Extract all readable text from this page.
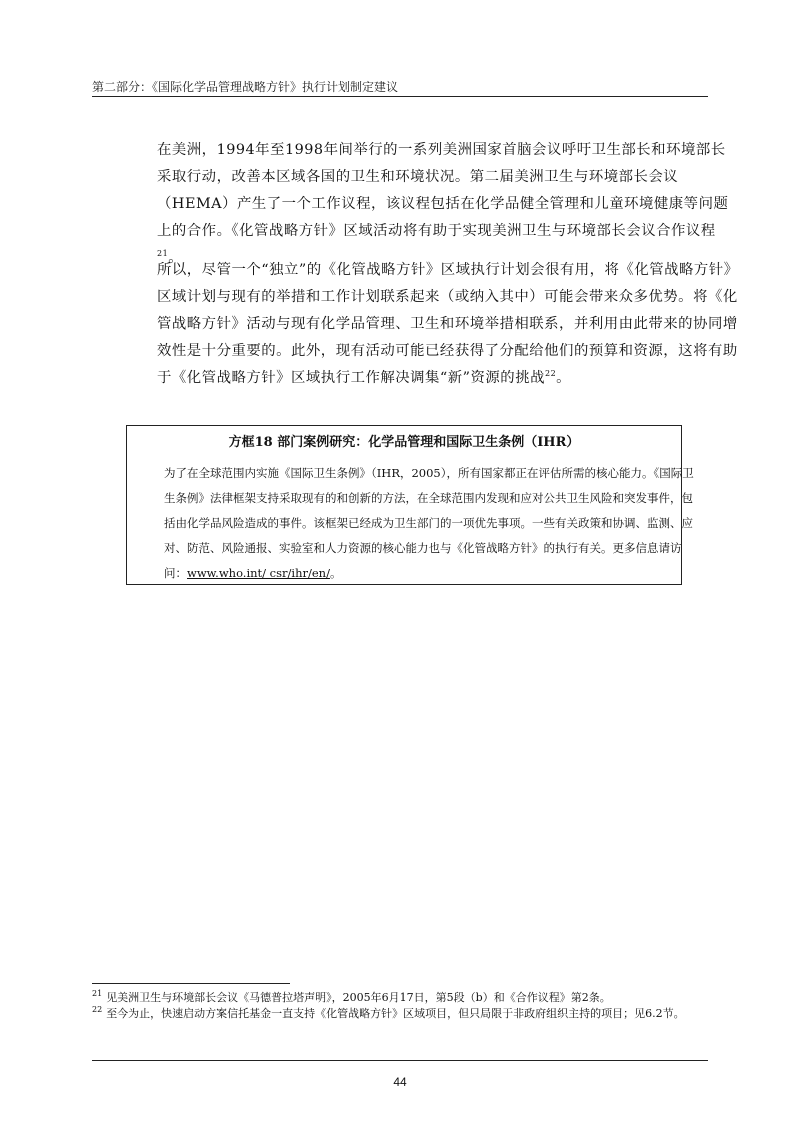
第二部分：《国际化学品管理战略方针》执行计划制定建议

在美洲，1994年至1998年间举行的一系列美洲国家首脑会议呼吁卫生部长和环境部长采取行动，改善本区域各国的卫生和环境状况。第二届美洲卫生与环境部长会议（HEMA）产生了一个工作议程，该议程包括在化学品健全管理和儿童环境健康等问题上的合作。《化管战略方针》区域活动将有助于实现美洲卫生与环境部长会议合作议程$^{21}$。

所以，尽管一个“独立”的《化管战略方针》区域执行计划会很有用，将《化管战略方针》区域计划与现有的举措和工作计划联系起来（或纳入其中）可能会带来众多优势。将《化管战略方针》活动与现有化学品管理、卫生和环境举措相联系，并利用由此带来的协同增效性是十分重要的。此外，现有活动可能已经获得了分配给他们的预算和资源，这将有助于《化管战略方针》区域执行工作解决调集“新”资源的挑战$^{22}$。

方框18 部门案例研究：化学品管理和国际卫生条例（IHR）

为了在全球范围内实施《国际卫生条例》（IHR，2005），所有国家都正在评估所需的核心能力。《国际卫生条例》法律框架支持采取现有的和创新的方法，在全球范围内发现和应对公共卫生风险和突发事件，包括由化学品风险造成的事件。该框架已经成为卫生部门的一项优先事项。一些有关政策和协调、监测、应对、防范、风险通报、实验室和人力资源的核心能力也与《化管战略方针》的执行有关。更多信息请访问：www.who.int/ csr/ihr/en/。

$^{21}$ 见美洲卫生与环境部长会议《马德普拉塔声明》，2005年6月17日，第5段（b）和《合作议程》第2条。

$^{22}$ 至今为止，快速启动方案信托基金一直支持《化管战略方针》区域项目，但只局限于非政府组织主持的项目；见6.2节。

44
